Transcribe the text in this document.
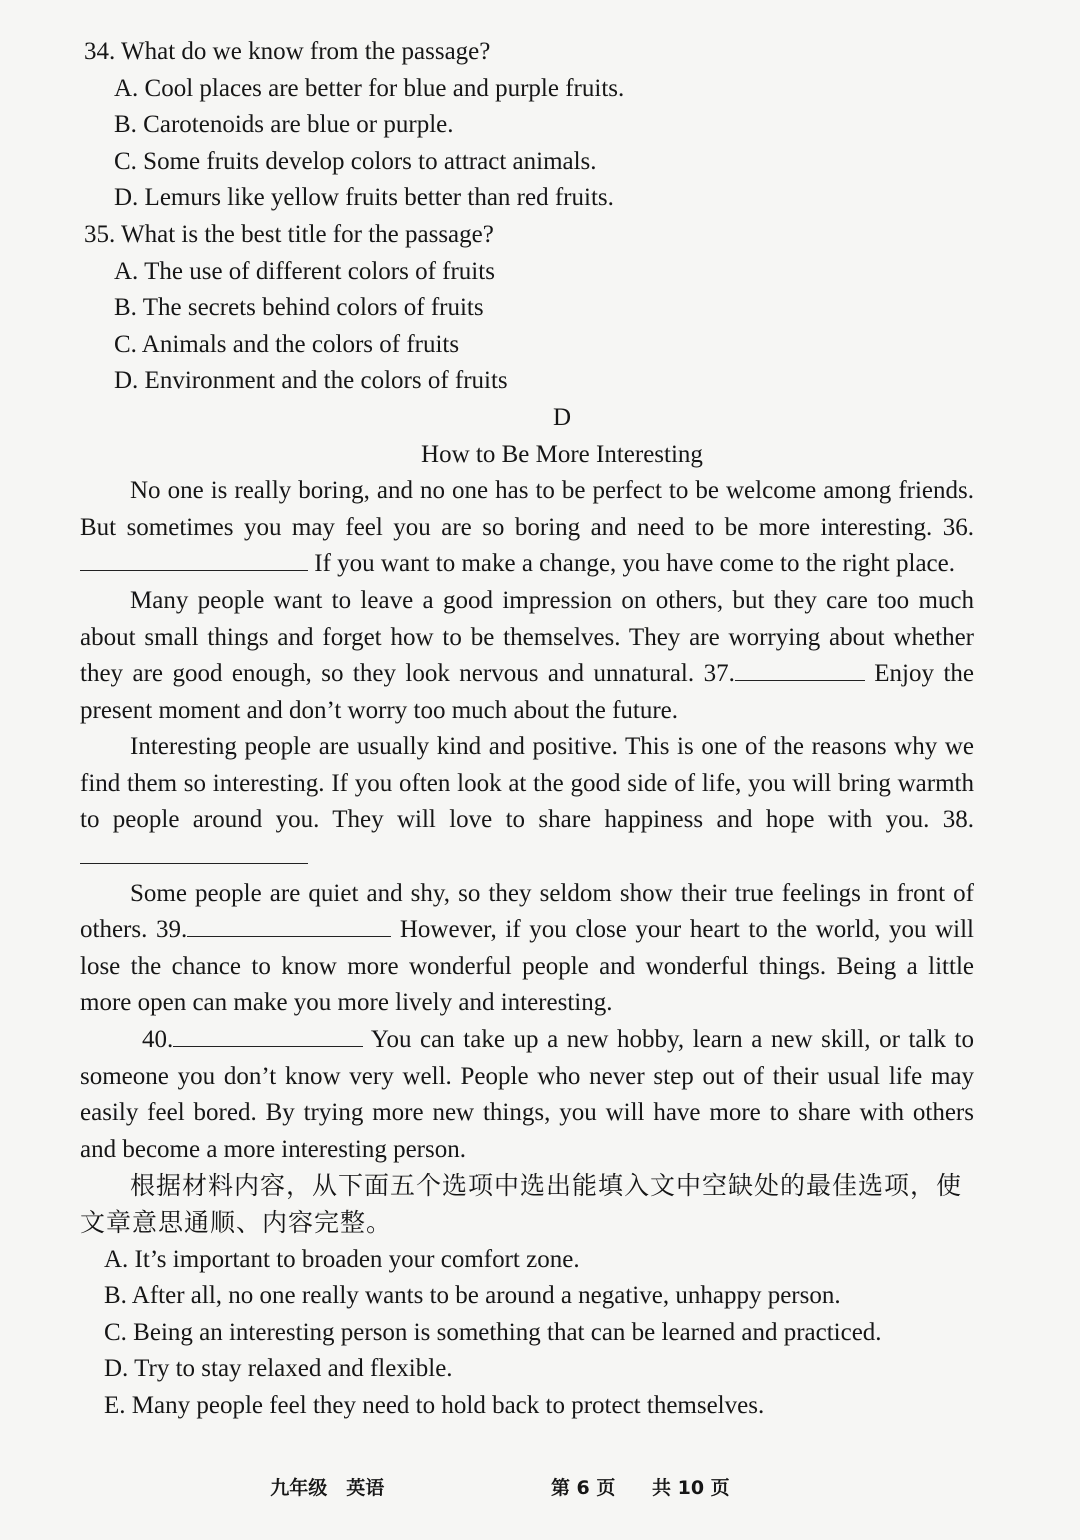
34. What do we know from the passage?
A. Cool places are better for blue and purple fruits.
B. Carotenoids are blue or purple.
C. Some fruits develop colors to attract animals.
D. Lemurs like yellow fruits better than red fruits.
35. What is the best title for the passage?
A. The use of different colors of fruits
B. The secrets behind colors of fruits
C. Animals and the colors of fruits
D. Environment and the colors of fruits
D
How to Be More Interesting

No one is really boring, and no one has to be perfect to be welcome among friends. But sometimes you may feel you are so boring and need to be more interesting. 36. If you want to make a change, you have come to the right place.

Many people want to leave a good impression on others, but they care too much about small things and forget how to be themselves. They are worrying about whether they are good enough, so they look nervous and unnatural. 37.	Enjoy the present moment and don’t worry too much about the future.

Interesting people are usually kind and positive. This is one of the reasons why we find them so interesting. If you often look at the good side of life, you will bring warmth to people around you. They will love to share happiness and hope with you. 38.

Some people are quiet and shy, so they seldom show their true feelings in front of others. 39.	However, if you close your heart to the world, you will lose the chance to know more wonderful people and wonderful things. Being a little more open can make you more lively and interesting.

40.	You can take up a new hobby, learn a new skill, or talk to someone you don’t know very well. People who never step out of their usual life may easily feel bored. By trying more new things, you will have more to share with others and become a more interesting person.

根据材料内容，从下面五个选项中选出能填入文中空缺处的最佳选项，使文章意思通顺、内容完整。
A. It’s important to broaden your comfort zone.
B. After all, no one really wants to be around a negative, unhappy person.
C. Being an interesting person is something that can be learned and practiced.
D. Try to stay relaxed and flexible.
E. Many people feel they need to hold back to protect themselves.
九年级　英语	第 6 页 共 10 页
